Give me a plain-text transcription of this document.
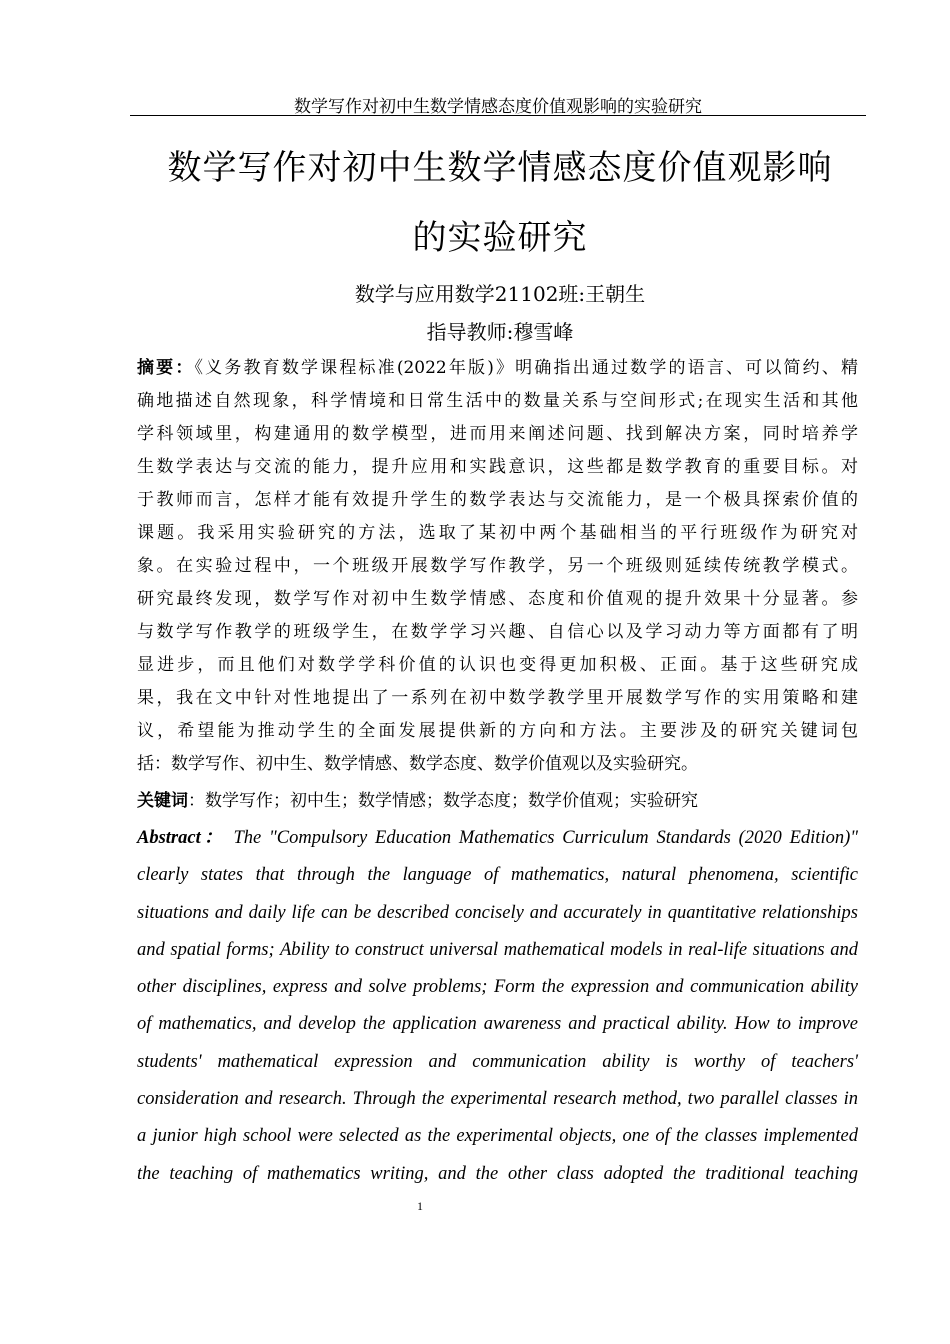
数学写作对初中生数学情感态度价值观影响的实验研究
数学写作对初中生数学情感态度价值观影响
的实验研究
数学与应用数学21102班:王朝生
指导教师:穆雪峰
摘要：《义务教育数学课程标准(2022年版)》明确指出通过数学的语言、可以简约、精
确地描述自然现象，科学情境和日常生活中的数量关系与空间形式;在现实生活和其他
学科领域里，构建通用的数学模型，进而用来阐述问题、找到解决方案，同时培养学
生数学表达与交流的能力，提升应用和实践意识，这些都是数学教育的重要目标。对
于教师而言，怎样才能有效提升学生的数学表达与交流能力，是一个极具探索价值的
课题。我采用实验研究的方法，选取了某初中两个基础相当的平行班级作为研究对
象。在实验过程中，一个班级开展数学写作教学，另一个班级则延续传统教学模式。
研究最终发现，数学写作对初中生数学情感、态度和价值观的提升效果十分显著。参
与数学写作教学的班级学生，在数学学习兴趣、自信心以及学习动力等方面都有了明
显进步，而且他们对数学学科价值的认识也变得更加积极、正面。基于这些研究成
果，我在文中针对性地提出了一系列在初中数学教学里开展数学写作的实用策略和建
议，希望能为推动学生的全面发展提供新的方向和方法。主要涉及的研究关键词包
括：数学写作、初中生、数学情感、数学态度、数学价值观以及实验研究。
关键词：数学写作；初中生；数学情感；数学态度；数学价值观；实验研究
Abstract： The "Compulsory Education Mathematics Curriculum Standards (2020 Edition)"
clearly states that through the language of mathematics, natural phenomena, scientific
situations and daily life can be described concisely and accurately in quantitative relationships
and spatial forms; Ability to construct universal mathematical models in real-life situations and
other disciplines, express and solve problems; Form the expression and communication ability
of mathematics, and develop the application awareness and practical ability. How to improve
students' mathematical expression and communication ability is worthy of teachers'
consideration and research. Through the experimental research method, two parallel classes in
a junior high school were selected as the experimental objects, one of the classes implemented
the teaching of mathematics writing, and the other class adopted the traditional teaching
1
